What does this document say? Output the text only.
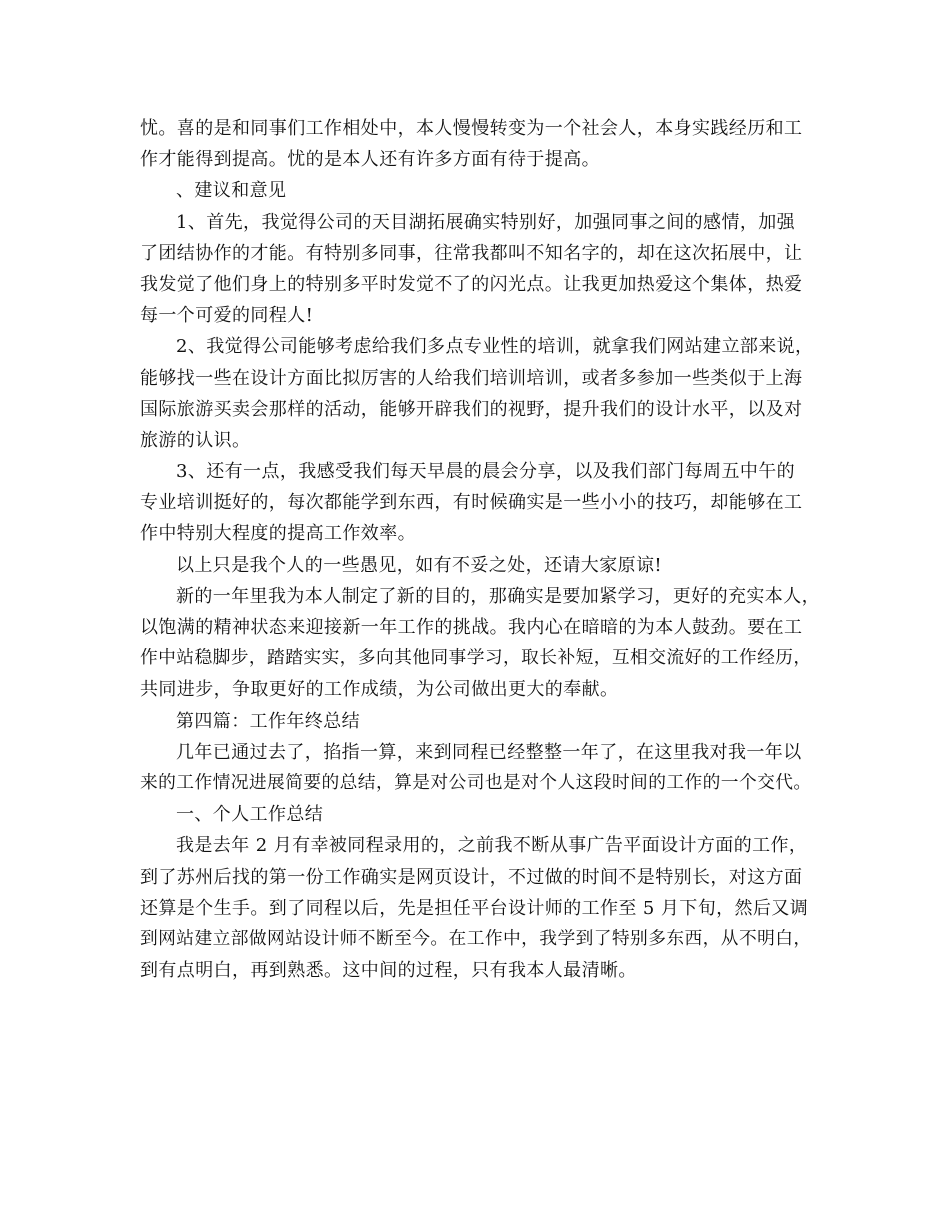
忧。喜的是和同事们工作相处中，本人慢慢转变为一个社会人，本身实践经历和工
作才能得到提高。忧的是本人还有许多方面有待于提高。
、建议和意见
1、首先，我觉得公司的天目湖拓展确实特别好，加强同事之间的感情，加强
了团结协作的才能。有特别多同事，往常我都叫不知名字的，却在这次拓展中，让
我发觉了他们身上的特别多平时发觉不了的闪光点。让我更加热爱这个集体，热爱
每一个可爱的同程人!
2、我觉得公司能够考虑给我们多点专业性的培训，就拿我们网站建立部来说，
能够找一些在设计方面比拟厉害的人给我们培训培训，或者多参加一些类似于上海
国际旅游买卖会那样的活动，能够开辟我们的视野，提升我们的设计水平，以及对
旅游的认识。
3、还有一点，我感受我们每天早晨的晨会分享，以及我们部门每周五中午的
专业培训挺好的，每次都能学到东西，有时候确实是一些小小的技巧，却能够在工
作中特别大程度的提高工作效率。
以上只是我个人的一些愚见，如有不妥之处，还请大家原谅!
新的一年里我为本人制定了新的目的，那确实是要加紧学习，更好的充实本人，
以饱满的精神状态来迎接新一年工作的挑战。我内心在暗暗的为本人鼓劲。要在工
作中站稳脚步，踏踏实实，多向其他同事学习，取长补短，互相交流好的工作经历，
共同进步，争取更好的工作成绩，为公司做出更大的奉献。
第四篇：工作年终总结
几年已通过去了，掐指一算，来到同程已经整整一年了，在这里我对我一年以
来的工作情况进展简要的总结，算是对公司也是对个人这段时间的工作的一个交代。
一、个人工作总结
我是去年 2 月有幸被同程录用的，之前我不断从事广告平面设计方面的工作，
到了苏州后找的第一份工作确实是网页设计，不过做的时间不是特别长，对这方面
还算是个生手。到了同程以后，先是担任平台设计师的工作至 5 月下旬，然后又调
到网站建立部做网站设计师不断至今。在工作中，我学到了特别多东西，从不明白，
到有点明白，再到熟悉。这中间的过程，只有我本人最清晰。
